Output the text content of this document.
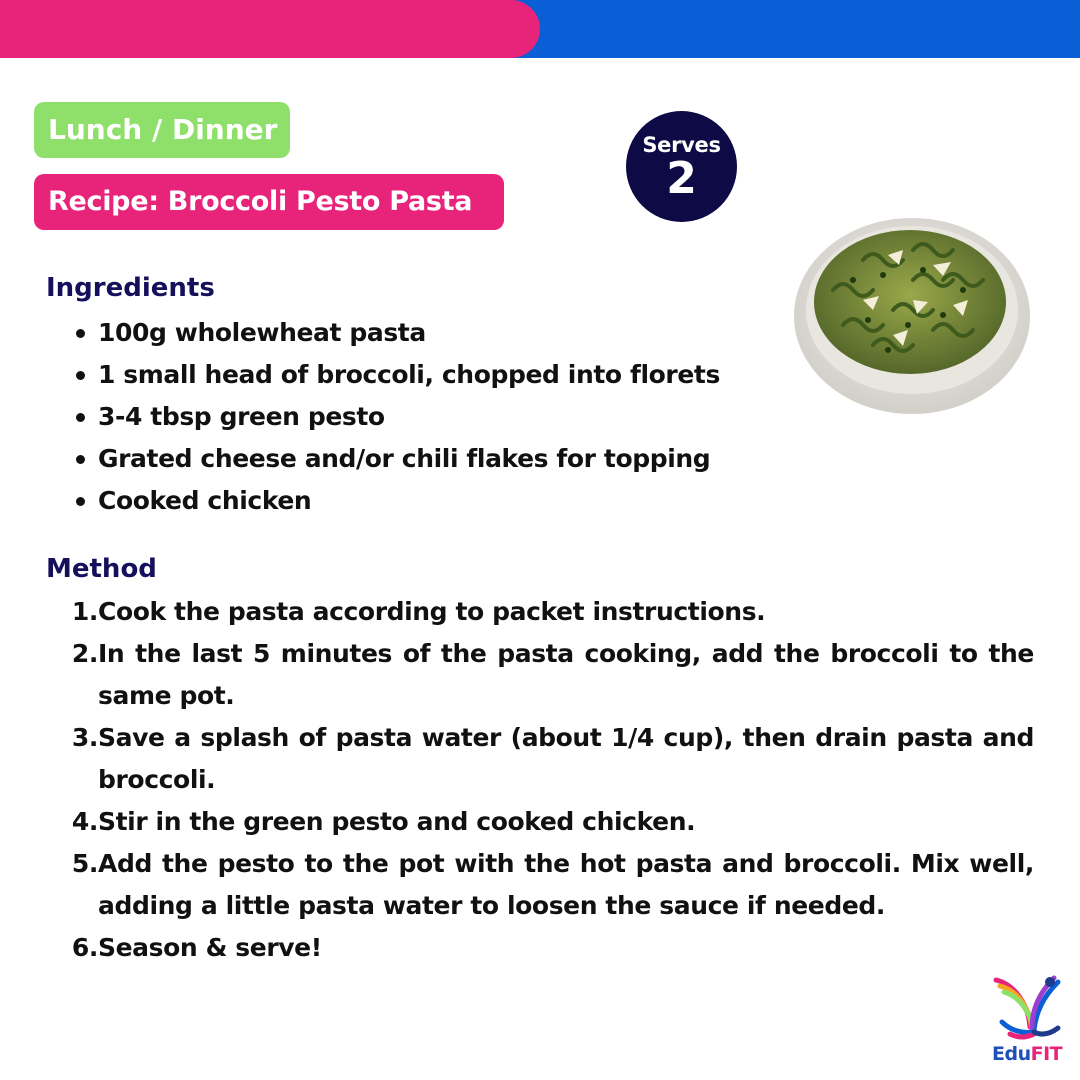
Lunch / Dinner
Recipe: Broccoli Pesto Pasta
Serves
2
Ingredients
100g wholewheat pasta
1 small head of broccoli, chopped into florets
3-4 tbsp green pesto
Grated cheese and/or chili flakes for topping
Cooked chicken
Method
1. Cook the pasta according to packet instructions.
2. In the last 5 minutes of the pasta cooking, add the broccoli to the same pot.
3. Save a splash of pasta water (about 1/4 cup), then drain pasta and broccoli.
4. Stir in the green pesto and cooked chicken.
5. Add the pesto to the pot with the hot pasta and broccoli. Mix well, adding a little pasta water to loosen the sauce if needed.
6. Season & serve!
EduFIT
